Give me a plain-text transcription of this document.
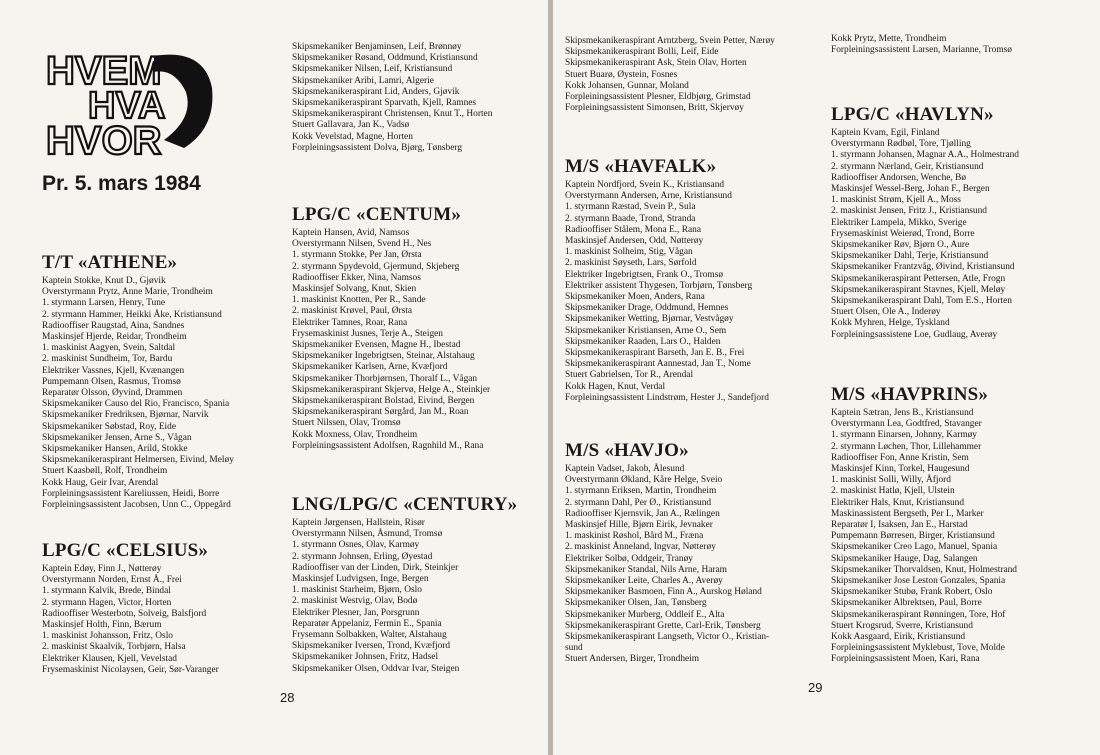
HVEM
HVA
HVOR
Pr. 5. mars 1984
T/T «ATHENE»
Kaptein Stokke, Knut D., Gjøvik
Overstyrmann Prytz, Anne Marie, Trondheim
1. styrmann Larsen, Henry, Tune
2. styrmann Hammer, Heikki Åke, Kristiansund
Radiooffiser Raugstad, Aina, Sandnes
Maskinsjef Hjerde, Reidar, Trondheim
1. maskinist Aagyen, Svein, Saltdal
2. maskinist Sundheim, Tor, Bardu
Elektriker Vassnes, Kjell, Kvænangen
Pumpemann Olsen, Rasmus, Tromsø
Reparatør Olsson, Øyvind, Drammen
Skipsmekaniker Causo del Rio, Francisco, Spania
Skipsmekaniker Fredriksen, Bjørnar, Narvik
Skipsmekaniker Søbstad, Roy, Eide
Skipsmekaniker Jensen, Arne S., Vågan
Skipsmekaniker Hansen, Arild, Stokke
Skipsmekanikeraspirant Helmersen, Eivind, Meløy
Stuert Kaasbøll, Rolf, Trondheim
Kokk Haug, Geir Ivar, Arendal
Forpleiningsassistent Kareliussen, Heidi, Borre
Forpleiningsassistent Jacobsen, Unn C., Oppegård
LPG/C «CELSIUS»
Kaptein Edøy, Finn J., Nøtterøy
Overstyrmann Norden, Ernst Å., Frei
1. styrmann Kalvik, Brede, Bindal
2. styrmann Hagen, Victor, Horten
Radiooffiser Westerbotn, Solveig, Balsfjord
Maskinsjef Holth, Finn, Bærum
1. maskinist Johansson, Fritz, Oslo
2. maskinist Skaalvik, Torbjørn, Halsa
Elektriker Klausen, Kjell, Vevelstad
Frysemaskinist Nicolaysen, Geir, Sør-Varanger
Skipsmekaniker Benjaminsen, Leif, Brønnøy
Skipsmekaniker Røsand, Oddmund, Kristiansund
Skipsmekaniker Nilsen, Leif, Kristiansund
Skipsmekaniker Aribi, Lamri, Algerie
Skipsmekanikeraspirant Lid, Anders, Gjøvik
Skipsmekanikeraspirant Sparvath, Kjell, Ramnes
Skipsmekanikeraspirant Christensen, Knut T., Horten
Stuert Gallavara, Jan K., Vadsø
Kokk Vevelstad, Magne, Horten
Forpleiningsassistent Dolva, Bjørg, Tønsberg
LPG/C «CENTUM»
Kaptein Hansen, Avid, Namsos
Overstyrmann Nilsen, Svend H., Nes
1. styrmann Stokke, Per Jan, Ørsta
2. styrmann Spydevold, Gjermund, Skjeberg
Radiooffiser Ekker, Nina, Namsos
Maskinsjef Solvang, Knut, Skien
1. maskinist Knotten, Per R., Sande
2. maskinist Krøvel, Paul, Ørsta
Elektriker Tamnes, Roar, Rana
Frysemaskinist Jusnes, Terje A., Steigen
Skipsmekaniker Evensen, Magne H., Ibestad
Skipsmekaniker Ingebrigtsen, Steinar, Alstahaug
Skipsmekaniker Karlsen, Arne, Kvæfjord
Skipsmekaniker Thorbjørnsen, Thoralf L., Vågan
Skipsmekanikeraspirant Skjervø, Helge A., Steinkjer
Skipsmekanikeraspirant Bolstad, Eivind, Bergen
Skipsmekanikeraspirant Sørgård, Jan M., Roan
Stuert Nilssen, Olav, Tromsø
Kokk Moxness, Olav, Trondheim
Forpleiningsassistent Adolfsen, Ragnhild M., Rana
LNG/LPG/C «CENTURY»
Kaptein Jørgensen, Hallstein, Risør
Overstyrmann Nilsen, Åsmund, Tromsø
1. styrmann Osnes, Olav, Karmøy
2. styrmann Johnsen, Erling, Øyestad
Radiooffiser van der Linden, Dirk, Steinkjer
Maskinsjef Ludvigsen, Inge, Bergen
1. maskinist Starheim, Bjørn, Oslo
2. maskinist Westvig, Olav, Bodø
Elektriker Plesner, Jan, Porsgrunn
Reparatør Appelaniz, Fermin E., Spania
Frysemann Solbakken, Walter, Alstahaug
Skipsmekaniker Iversen, Trond, Kvæfjord
Skipsmekaniker Johnsen, Fritz, Hadsel
Skipsmekaniker Olsen, Oddvar Ivar, Steigen
28
Skipsmekanikeraspirant Arntzberg, Svein Petter, Nærøy
Skipsmekanikeraspirant Bolli, Leif, Eide
Skipsmekanikeraspirant Ask, Stein Olav, Horten
Stuert Buarø, Øystein, Fosnes
Kokk Johansen, Gunnar, Moland
Forpleiningsassistent Plesner, Eldbjørg, Grimstad
Forpleiningsassistent Simonsen, Britt, Skjervøy
M/S «HAVFALK»
Kaptein Nordfjord, Svein K., Kristiansand
Overstyrmann Andersen, Arne, Kristiansund
1. styrmann Ræstad, Svein P., Sula
2. styrmann Baade, Trond, Stranda
Radiooffiser Stålem, Mona E., Rana
Maskinsjef Andersen, Odd, Nøtterøy
1. maskinist Solheim, Stig, Vågan
2. maskinist Søyseth, Lars, Sørfold
Elektriker Ingebrigtsen, Frank O., Tromsø
Elektriker assistent Thygesen, Torbjørn, Tønsberg
Skipsmekaniker Moen, Anders, Rana
Skipsmekaniker Drage, Oddmund, Hemnes
Skipsmekaniker Wetting, Bjørnar, Vestvågøy
Skipsmekaniker Kristiansen, Arne O., Sem
Skipsmekaniker Raaden, Lars O., Halden
Skipsmekanikeraspirant Barseth, Jan E. B., Frei
Skipsmekanikeraspirant Aannestad, Jan T., Nome
Stuert Gabrielsen, Tor R., Arendal
Kokk Hagen, Knut, Verdal
Forpleiningsassistent Lindstrøm, Hester J., Sandefjord
M/S «HAVJO»
Kaptein Vadset, Jakob, Ålesund
Overstyrmann Økland, Kåre Helge, Sveio
1. styrmann Eriksen, Martin, Trondheim
2. styrmann Dahl, Per Ø., Kristiansund
Radiooffiser Kjernsvik, Jan A., Rælingen
Maskinsjef Hille, Bjørn Eirik, Jevnaker
1. maskinist Røshol, Bård M., Fræna
2. maskinist Ånneland, Ingvar, Nøtterøy
Elektriker Solbø, Oddgeir, Tranøy
Skipsmekaniker Standal, Nils Arne, Haram
Skipsmekaniker Leite, Charles A., Averøy
Skipsmekaniker Basmoen, Finn A., Aurskog Høland
Skipsmekaniker Olsen, Jan, Tønsberg
Skipsmekaniker Murberg, Oddleif E., Alta
Skipsmekanikeraspirant Grette, Carl-Erik, Tønsberg
Skipsmekanikeraspirant Langseth, Victor O., Kristian-
sund
Stuert Andersen, Birger, Trondheim
Kokk Prytz, Mette, Trondheim
Forpleiningsassistent Larsen, Marianne, Tromsø
LPG/C «HAVLYN»
Kaptein Kvam, Egil, Finland
Overstyrmann Rødbøl, Tore, Tjølling
1. styrmann Johansen, Magnar A.A., Holmestrand
2. styrmann Nærland, Geir, Kristiansund
Radiooffiser Andorsen, Wenche, Bø
Maskinsjef Wessel-Berg, Johan F., Bergen
1. maskinist Strøm, Kjell A., Moss
2. maskinist Jensen, Fritz J., Kristiansund
Elektriker Lampela, Mikko, Sverige
Frysemaskinist Weierød, Trond, Borre
Skipsmekaniker Røv, Bjørn O., Aure
Skipsmekaniker Dahl, Terje, Kristiansund
Skipsmekaniker Frantzvåg, Øivind, Kristiansund
Skipsmekanikeraspirant Pettersen, Atle, Frogn
Skipsmekanikeraspirant Stavnes, Kjell, Meløy
Skipsmekanikeraspirant Dahl, Tom E.S., Horten
Stuert Olsen, Ole A., Inderøy
Kokk Myhren, Helge, Tyskland
Forpleiningsassistene Loe, Gudlaug, Averøy
M/S «HAVPRINS»
Kaptein Sætran, Jens B., Kristiansund
Overstyrmann Lea, Godtfred, Stavanger
1. styrmann Einarsen, Johnny, Karmøy
2. styrmann Løchen, Thor, Lillehammer
Radiooffiser Fon, Anne Kristin, Sem
Maskinsjef Kinn, Torkel, Haugesund
1. maskinist Solli, Willy, Åfjord
2. maskinist Hatlø, Kjell, Ulstein
Elektriker Hals, Knut, Kristiansund
Maskinassistent Bergseth, Per I., Marker
Reparatør I, Isaksen, Jan E., Harstad
Pumpemann Børresen, Birger, Kristiansund
Skipsmekaniker Creo Lago, Manuel, Spania
Skipsmekaniker Hauge, Dag, Salangen
Skipsmekaniker Thorvaldsen, Knut, Holmestrand
Skipsmekaniker Jose Leston Gonzales, Spania
Skipsmekaniker Stubø, Frank Robert, Oslo
Skipsmekaniker Albrektsen, Paul, Borre
Skipsmekanikeraspirant Rønningen, Tore, Hof
Stuert Krogsrud, Sverre, Kristiansund
Kokk Aasgaard, Eirik, Kristiansund
Forpleiningsassistent Myklebust, Tove, Molde
Forpleiningsassistent Moen, Kari, Rana
29
